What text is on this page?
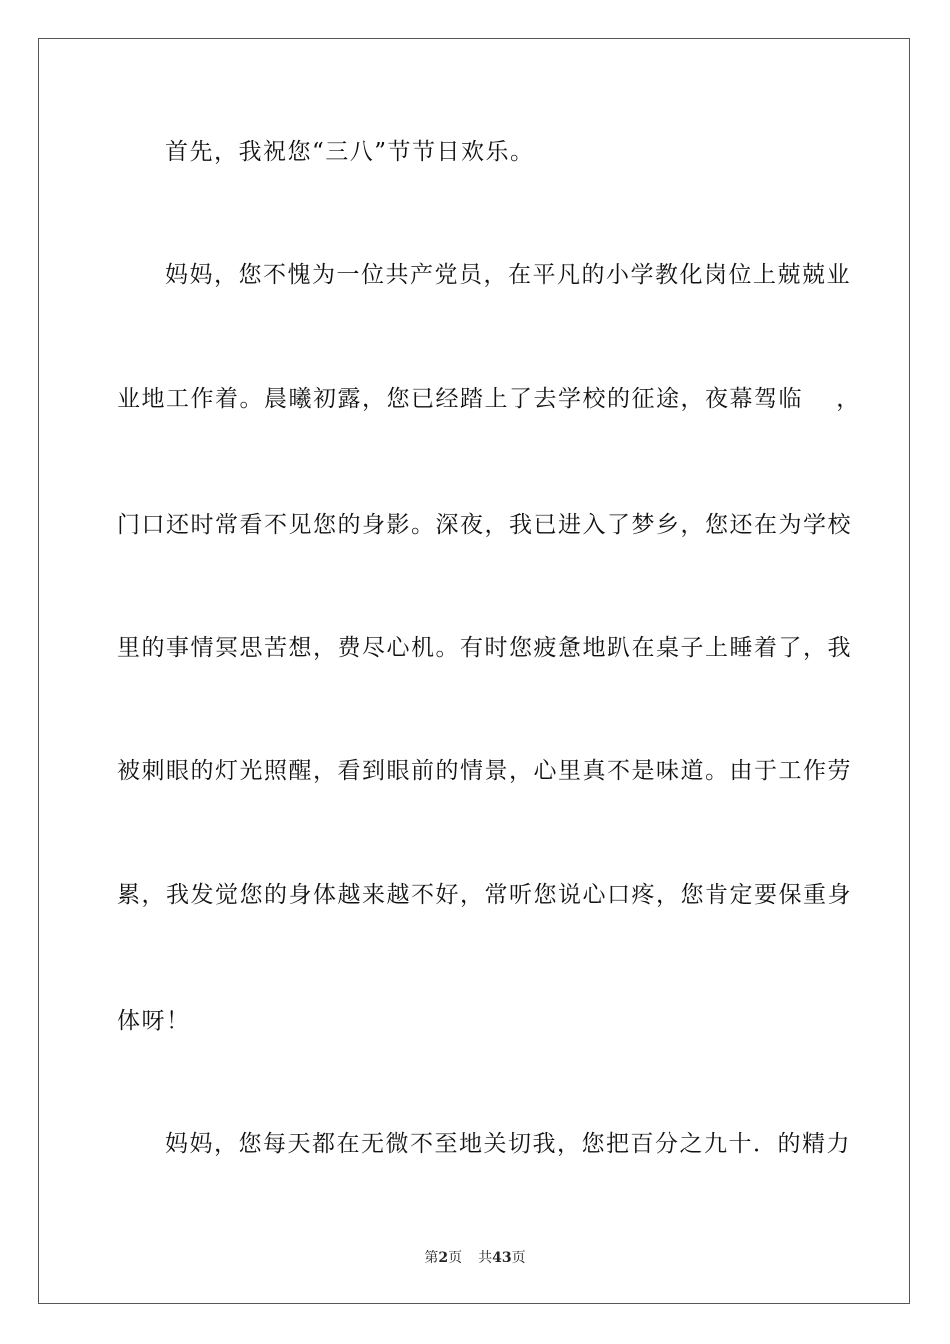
首先，我祝您“三八”节节日欢乐。
妈妈，您不愧为一位共产党员，在平凡的小学教化岗位上兢兢业
业地工作着。晨曦初露，您已经踏上了去学校的征途，夜幕驾临　 ，
门口还时常看不见您的身影。深夜，我已进入了梦乡，您还在为学校
里的事情冥思苦想，费尽心机。有时您疲惫地趴在桌子上睡着了，我
被刺眼的灯光照醒，看到眼前的情景，心里真不是味道。由于工作劳
累，我发觉您的身体越来越不好，常听您说心口疼，您肯定要保重身
体呀！
妈妈，您每天都在无微不至地关切我，您把百分之九十．的精力
第2页 共43页
